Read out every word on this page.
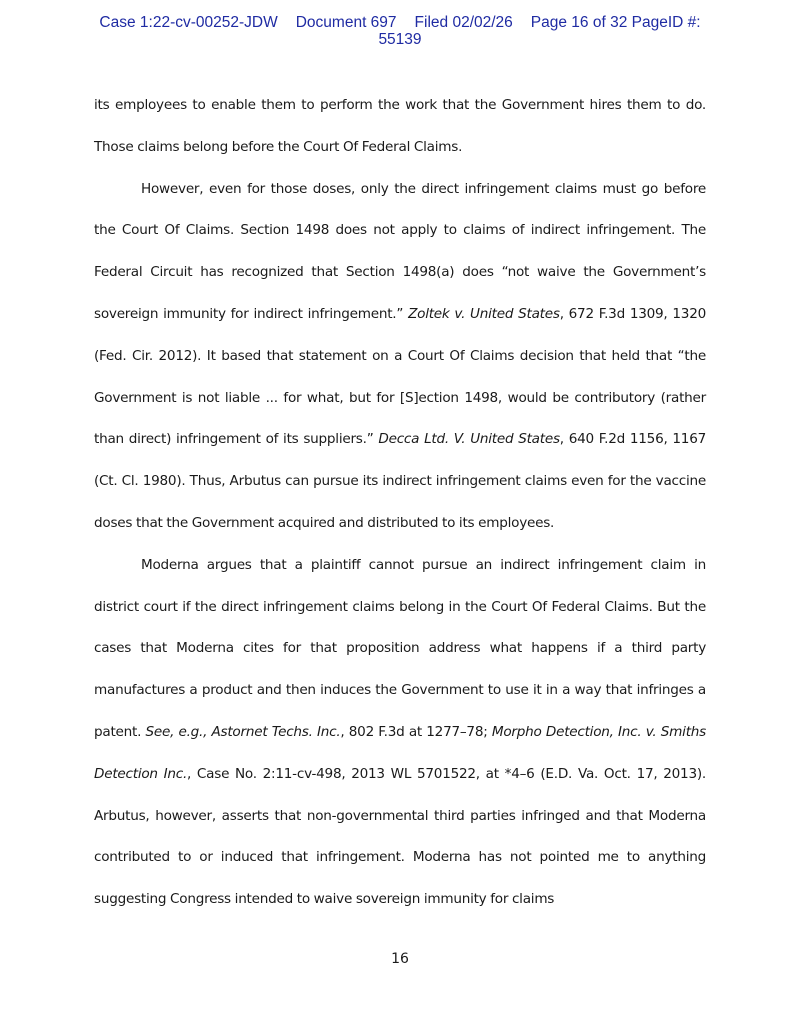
Case 1:22-cv-00252-JDW Document 697 Filed 02/02/26 Page 16 of 32 PageID #:
55139

its employees to enable them to perform the work that the Government hires them to do. Those claims belong before the Court Of Federal Claims.

However, even for those doses, only the direct infringement claims must go before the Court Of Claims. Section 1498 does not apply to claims of indirect infringement. The Federal Circuit has recognized that Section 1498(a) does “not waive the Government’s sovereign immunity for indirect infringement.” Zoltek v. United States, 672 F.3d 1309, 1320 (Fed. Cir. 2012). It based that statement on a Court Of Claims decision that held that “the Government is not liable ... for what, but for [S]ection 1498, would be contributory (rather than direct) infringement of its suppliers.” Decca Ltd. V. United States, 640 F.2d 1156, 1167 (Ct. Cl. 1980). Thus, Arbutus can pursue its indirect infringement claims even for the vaccine doses that the Government acquired and distributed to its employees.

Moderna argues that a plaintiff cannot pursue an indirect infringement claim in district court if the direct infringement claims belong in the Court Of Federal Claims. But the cases that Moderna cites for that proposition address what happens if a third party manufactures a product and then induces the Government to use it in a way that infringes a patent. See, e.g., Astornet Techs. Inc., 802 F.3d at 1277–78; Morpho Detection, Inc. v. Smiths Detection Inc., Case No. 2:11-cv-498, 2013 WL 5701522, at *4–6 (E.D. Va. Oct. 17, 2013). Arbutus, however, asserts that non-governmental third parties infringed and that Moderna contributed to or induced that infringement. Moderna has not pointed me to anything suggesting Congress intended to waive sovereign immunity for claims

16
